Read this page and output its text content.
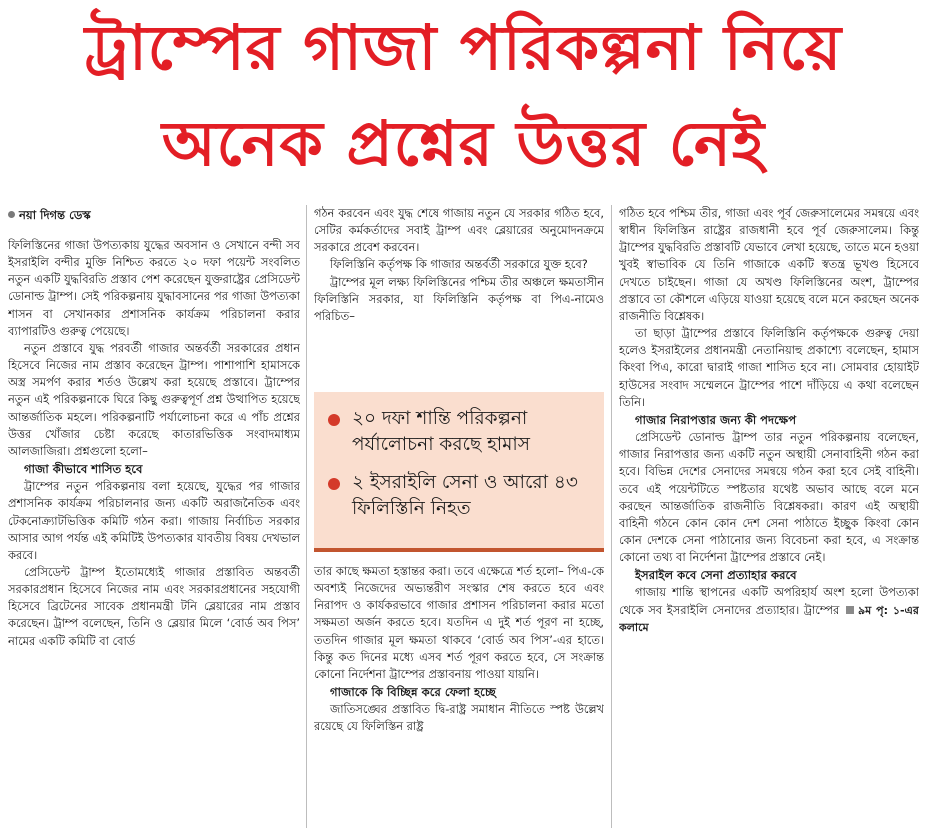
ট্রাম্পের গাজা পরিকল্পনা নিয়ে
অনেক প্রশ্নের উত্তর নেই
নয়া দিগন্ত ডেস্ক

ফিলিস্তিনের গাজা উপত্যকায় যুদ্ধের অবসান ও সেখানে বন্দী সব ইসরাইলি বন্দীর মুক্তি নিশ্চিত করতে ২০ দফা পয়েন্ট সংবলিত নতুন একটি যুদ্ধবিরতি প্রস্তাব পেশ করেছেন যুক্তরাষ্ট্রের প্রেসিডেন্ট ডোনাল্ড ট্রাম্প। সেই পরিকল্পনায় যুদ্ধাবসানের পর গাজা উপত্যকা শাসন বা সেখানকার প্রশাসনিক কার্যক্রম পরিচালনা করার ব্যাপারটিও গুরুত্ব পেয়েছে।

নতুন প্রস্তাবে যুদ্ধ পরবর্তী গাজার অন্তর্বর্তী সরকারের প্রধান হিসেবে নিজের নাম প্রস্তাব করেছেন ট্রাম্প। পাশাপাশি হামাসকে অস্ত্র সমর্পণ করার শর্তও উল্লেখ করা হয়েছে প্রস্তাবে। ট্রাম্পের নতুন এই পরিকল্পনাকে ঘিরে কিছু গুরুত্বপূর্ণ প্রশ্ন উত্থাপিত হয়েছে আন্তর্জাতিক মহলে। পরিকল্পনাটি পর্যালোচনা করে এ পাঁচ প্রশ্নের উত্তর খোঁজার চেষ্টা করেছে কাতারভিত্তিক সংবাদমাধ্যম আলজাজিরা। প্রশ্নগুলো হলো–

গাজা কীভাবে শাসিত হবে

ট্রাম্পের নতুন পরিকল্পনায় বলা হয়েছে, যুদ্ধের পর গাজার প্রশাসনিক কার্যক্রম পরিচালনার জন্য একটি অরাজনৈতিক এবং টেকনোক্র্যাটভিত্তিক কমিটি গঠন করা। গাজায় নির্বাচিত সরকার আসার আগ পর্যন্ত এই কমিটিই উপত্যকার যাবতীয় বিষয় দেখভাল করবে।

প্রেসিডেন্ট ট্রাম্প ইতোমধ্যেই গাজার প্রস্তাবিত অন্তবর্তী সরকারপ্রধান হিসেবে নিজের নাম এবং সরকারপ্রধানের সহযোগী হিসেবে ব্রিটেনের সাবেক প্রধানমন্ত্রী টনি ব্লেয়ারের নাম প্রস্তাব করেছেন। ট্রাম্প বলেছেন, তিনি ও ব্লেয়ার মিলে ‘বোর্ড অব পিস’ নামের একটি কমিটি বা বোর্ড

গঠন করবেন এবং যুদ্ধ শেষে গাজায় নতুন যে সরকার গঠিত হবে, সেটির কর্মকর্তাদের সবাই ট্রাম্প এবং ব্লেয়ারের অনুমোদনক্রমে সরকারে প্রবেশ করবেন।

ফিলিস্তিনি কর্তৃপক্ষ কি গাজার অন্তর্বর্তী সরকারে যুক্ত হবে?

ট্রাম্পের মূল লক্ষ্য ফিলিস্তিনের পশ্চিম তীর অঞ্চলে ক্ষমতাসীন ফিলিস্তিনি সরকার, যা ফিলিস্তিনি কর্তৃপক্ষ বা পিএ-নামেও পরিচিত–

২০ দফা শান্তি পরিকল্পনা পর্যালোচনা করছে হামাস
২ ইসরাইলি সেনা ও আরো ৪৩ ফিলিস্তিনি নিহত

তার কাছে ক্ষমতা হস্তান্তর করা। তবে এক্ষেত্রে শর্ত হলো– পিএ-কে অবশ্যই নিজেদের অভ্যন্তরীণ সংস্কার শেষ করতে হবে এবং নিরাপদ ও কার্যকরভাবে গাজার প্রশাসন পরিচালনা করার মতো সক্ষমতা অর্জন করতে হবে। যতদিন এ দুই শর্ত পূরণ না হচ্ছে, ততদিন গাজার মূল ক্ষমতা থাকবে ‘বোর্ড অব পিস’-এর হাতে। কিন্তু কত দিনের মধ্যে এসব শর্ত পূরণ করতে হবে, সে সংক্রান্ত কোনো নির্দেশনা ট্রাম্পের প্রস্তাবনায় পাওয়া যায়নি।

গাজাকে কি বিচ্ছিন্ন করে ফেলা হচ্ছে

জাতিসঙ্ঘের প্রস্তাবিত দ্বি-রাষ্ট্র সমাধান নীতিতে স্পষ্ট উল্লেখ রয়েছে যে ফিলিস্তিন রাষ্ট্র

গঠিত হবে পশ্চিম তীর, গাজা এবং পূর্ব জেরুসালেমের সমন্বয়ে এবং স্বাধীন ফিলিস্তিন রাষ্ট্রের রাজধানী হবে পূর্ব জেরুসালেম। কিন্তু ট্রাম্পের যুদ্ধবিরতি প্রস্তাবটি যেভাবে লেখা হয়েছে, তাতে মনে হওয়া খুবই স্বাভাবিক যে তিনি গাজাকে একটি স্বতন্ত্র ভূখণ্ড হিসেবে দেখতে চাইছেন। গাজা যে অখণ্ড ফিলিস্তিনের অংশ, ট্রাম্পের প্রস্তাবে তা কৌশলে এড়িয়ে যাওয়া হয়েছে বলে মনে করছেন অনেক রাজনীতি বিশ্লেষক।

তা ছাড়া ট্রাম্পের প্রস্তাবে ফিলিস্তিনি কর্তৃপক্ষকে গুরুত্ব দেয়া হলেও ইসরাইলের প্রধানমন্ত্রী নেতানিয়াহু প্রকাশ্যে বলেছেন, হামাস কিংবা পিএ, কারো দ্বারাই গাজা শাসিত হবে না। সোমবার হোয়াইট হাউসের সংবাদ সম্মেলনে ট্রাম্পের পাশে দাঁড়িয়ে এ কথা বলেছেন তিনি।

গাজার নিরাপত্তার জন্য কী পদক্ষেপ

প্রেসিডেন্ট ডোনাল্ড ট্রাম্প তার নতুন পরিকল্পনায় বলেছেন, গাজার নিরাপত্তার জন্য একটি নতুন অস্থায়ী সেনাবাহিনী গঠন করা হবে। বিভিন্ন দেশের সেনাদের সমন্বয়ে গঠন করা হবে সেই বাহিনী। তবে এই পয়েন্টটিতে স্পষ্টতার যথেষ্ট অভাব আছে বলে মনে করছেন আন্তর্জাতিক রাজনীতি বিশ্লেষকরা। কারণ এই অস্থায়ী বাহিনী গঠনে কোন কোন দেশ সেনা পাঠাতে ইচ্ছুক কিংবা কোন কোন দেশকে সেনা পাঠানোর জন্য বিবেচনা করা হবে, এ সংক্রান্ত কোনো তথ্য বা নির্দেশনা ট্রাম্পের প্রস্তাবে নেই।

ইসরাইল কবে সেনা প্রত্যাহার করবে

গাজায় শান্তি স্থাপনের একটি অপরিহার্য অংশ হলো উপত্যকা থেকে সব ইসরাইলি সেনাদের প্রত্যাহার। ট্রাম্পের ৯ম পৃ: ১-এর কলামে
